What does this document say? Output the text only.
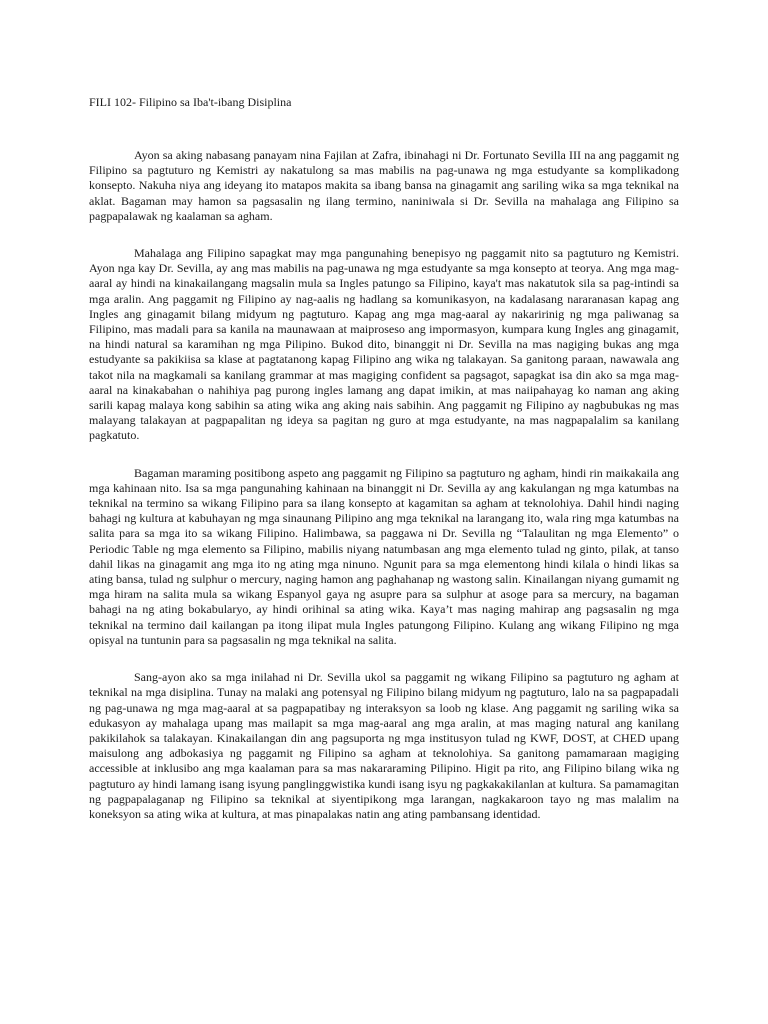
FILI 102- Filipino sa Iba't-ibang Disiplina

Ayon sa aking nabasang panayam nina Fajilan at Zafra, ibinahagi ni Dr. Fortunato Sevilla III na ang paggamit ng Filipino sa pagtuturo ng Kemistri ay nakatulong sa mas mabilis na pag-unawa ng mga estudyante sa komplikadong konsepto. Nakuha niya ang ideyang ito matapos makita sa ibang bansa na ginagamit ang sariling wika sa mga teknikal na aklat. Bagaman may hamon sa pagsasalin ng ilang termino, naniniwala si Dr. Sevilla na mahalaga ang Filipino sa pagpapalawak ng kaalaman sa agham.

Mahalaga ang Filipino sapagkat may mga pangunahing benepisyo ng paggamit nito sa pagtuturo ng Kemistri. Ayon nga kay Dr. Sevilla, ay ang mas mabilis na pag-unawa ng mga estudyante sa mga konsepto at teorya. Ang mga mag-aaral ay hindi na kinakailangang magsalin mula sa Ingles patungo sa Filipino, kaya't mas nakatutok sila sa pag-intindi sa mga aralin. Ang paggamit ng Filipino ay nag-aalis ng hadlang sa komunikasyon, na kadalasang nararanasan kapag ang Ingles ang ginagamit bilang midyum ng pagtuturo. Kapag ang mga mag-aaral ay nakaririnig ng mga paliwanag sa Filipino, mas madali para sa kanila na maunawaan at maiproseso ang impormasyon, kumpara kung Ingles ang ginagamit, na hindi natural sa karamihan ng mga Pilipino. Bukod dito, binanggit ni Dr. Sevilla na mas nagiging bukas ang mga estudyante sa pakikiisa sa klase at pagtatanong kapag Filipino ang wika ng talakayan. Sa ganitong paraan, nawawala ang takot nila na magkamali sa kanilang grammar at mas magiging confident sa pagsagot, sapagkat isa din ako sa mga mag-aaral na kinakabahan o nahihiya pag purong ingles lamang ang dapat imikin, at mas naiipahayag ko naman ang aking sarili kapag malaya kong sabihin sa ating wika ang aking nais sabihin. Ang paggamit ng Filipino ay nagbubukas ng mas malayang talakayan at pagpapalitan ng ideya sa pagitan ng guro at mga estudyante, na mas nagpapalalim sa kanilang pagkatuto.

Bagaman maraming positibong aspeto ang paggamit ng Filipino sa pagtuturo ng agham, hindi rin maikakaila ang mga kahinaan nito. Isa sa mga pangunahing kahinaan na binanggit ni Dr. Sevilla ay ang kakulangan ng mga katumbas na teknikal na termino sa wikang Filipino para sa ilang konsepto at kagamitan sa agham at teknolohiya. Dahil hindi naging bahagi ng kultura at kabuhayan ng mga sinaunang Pilipino ang mga teknikal na larangang ito, wala ring mga katumbas na salita para sa mga ito sa wikang Filipino. Halimbawa, sa paggawa ni Dr. Sevilla ng “Talaulitan ng mga Elemento” o Periodic Table ng mga elemento sa Filipino, mabilis niyang natumbasan ang mga elemento tulad ng ginto, pilak, at tanso dahil likas na ginagamit ang mga ito ng ating mga ninuno. Ngunit para sa mga elementong hindi kilala o hindi likas sa ating bansa, tulad ng sulphur o mercury, naging hamon ang paghahanap ng wastong salin. Kinailangan niyang gumamit ng mga hiram na salita mula sa wikang Espanyol gaya ng asupre para sa sulphur at asoge para sa mercury, na bagaman bahagi na ng ating bokabularyo, ay hindi orihinal sa ating wika. Kaya’t mas naging mahirap ang pagsasalin ng mga teknikal na termino dail kailangan pa itong ilipat mula Ingles patungong Filipino. Kulang ang wikang Filipino ng mga opisyal na tuntunin para sa pagsasalin ng mga teknikal na salita.

Sang-ayon ako sa mga inilahad ni Dr. Sevilla ukol sa paggamit ng wikang Filipino sa pagtuturo ng agham at teknikal na mga disiplina. Tunay na malaki ang potensyal ng Filipino bilang midyum ng pagtuturo, lalo na sa pagpapadali ng pag-unawa ng mga mag-aaral at sa pagpapatibay ng interaksyon sa loob ng klase. Ang paggamit ng sariling wika sa edukasyon ay mahalaga upang mas mailapit sa mga mag-aaral ang mga aralin, at mas maging natural ang kanilang pakikilahok sa talakayan. Kinakailangan din ang pagsuporta ng mga institusyon tulad ng KWF, DOST, at CHED upang maisulong ang adbokasiya ng paggamit ng Filipino sa agham at teknolohiya. Sa ganitong pamamaraan magiging accessible at inklusibo ang mga kaalaman para sa mas nakararaming Pilipino. Higit pa rito, ang Filipino bilang wika ng pagtuturo ay hindi lamang isang isyung panglinggwistika kundi isang isyu ng pagkakakilanlan at kultura. Sa pamamagitan ng pagpapalaganap ng Filipino sa teknikal at siyentipikong mga larangan, nagkakaroon tayo ng mas malalim na koneksyon sa ating wika at kultura, at mas pinapalakas natin ang ating pambansang identidad.
